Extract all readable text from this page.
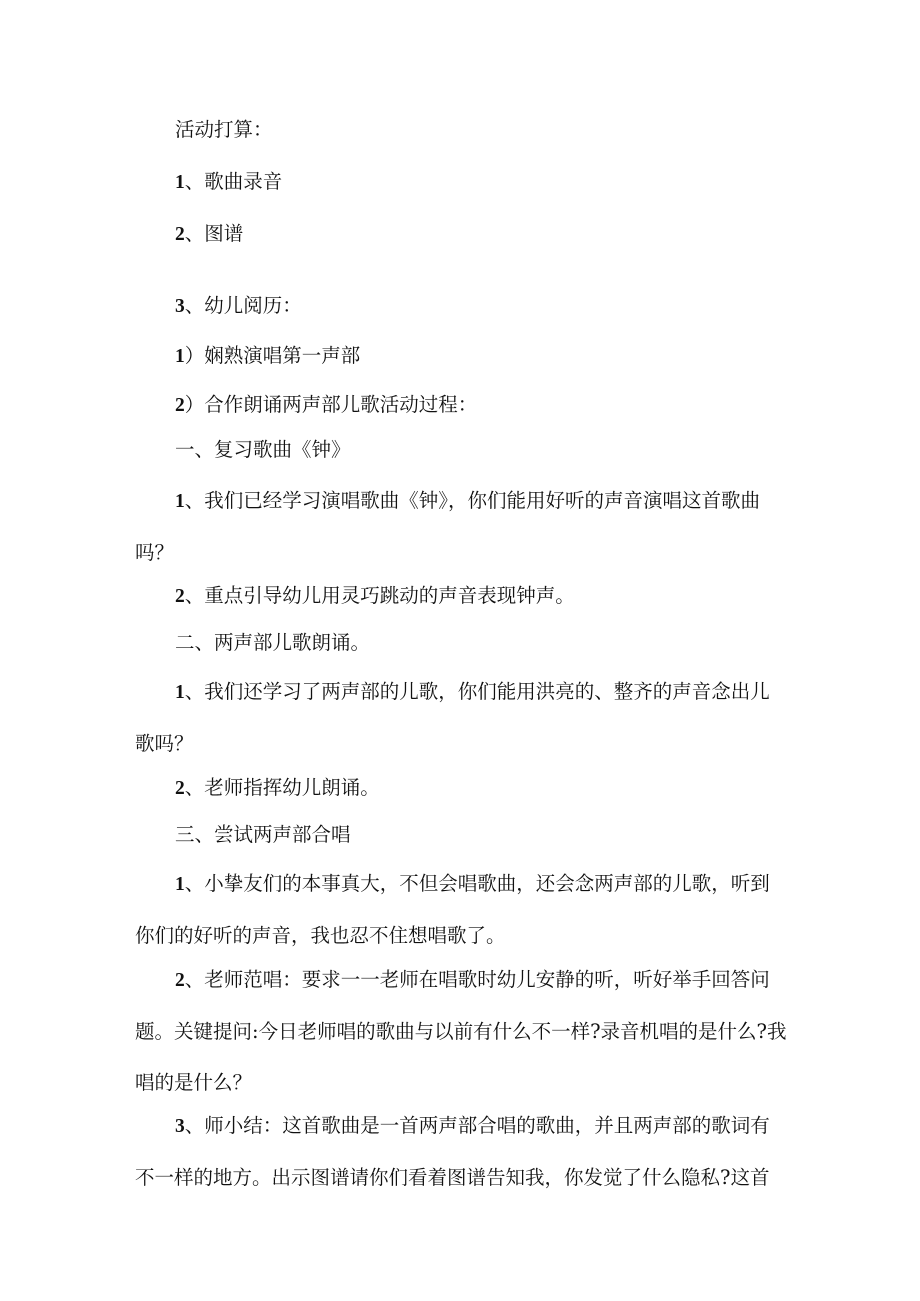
活动打算：

1、歌曲录音

2、图谱

3、幼儿阅历：

1）娴熟演唱第一声部

2）合作朗诵两声部儿歌活动过程：

一、复习歌曲《钟》

1、我们已经学习演唱歌曲《钟》，你们能用好听的声音演唱这首歌曲吗？

2、重点引导幼儿用灵巧跳动的声音表现钟声。

二、两声部儿歌朗诵。

1、我们还学习了两声部的儿歌，你们能用洪亮的、整齐的声音念出儿歌吗？

2、老师指挥幼儿朗诵。

三、尝试两声部合唱

1、小挚友们的本事真大，不但会唱歌曲，还会念两声部的儿歌，听到你们的好听的声音，我也忍不住想唱歌了。

2、老师范唱：要求一一老师在唱歌时幼儿安静的听，听好举手回答问题。关键提问:今日老师唱的歌曲与以前有什么不一样?录音机唱的是什么?我唱的是什么？

3、师小结：这首歌曲是一首两声部合唱的歌曲，并且两声部的歌词有不一样的地方。出示图谱请你们看着图谱告知我，你发觉了什么隐私?这首
